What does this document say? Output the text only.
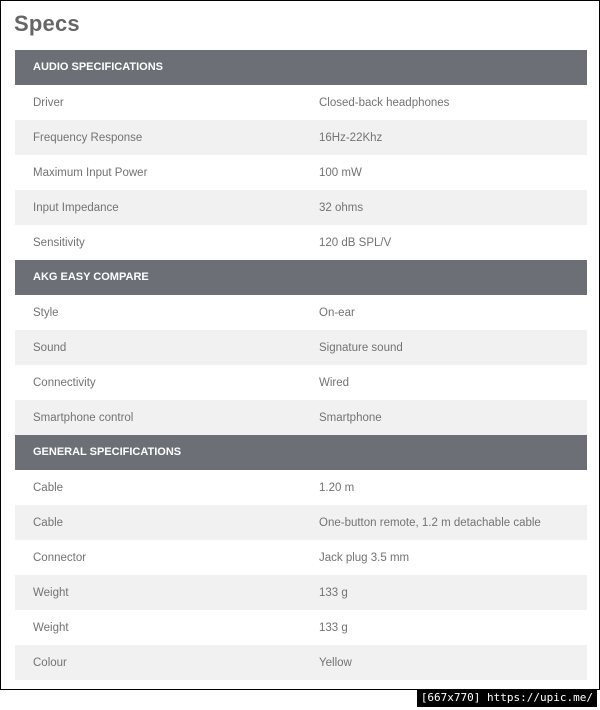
Specs
AUDIO SPECIFICATIONS
Driver	Closed-back headphones
Frequency Response	16Hz-22Khz
Maximum Input Power	100 mW
Input Impedance	32 ohms
Sensitivity	120 dB SPL/V
AKG EASY COMPARE
Style	On-ear
Sound	Signature sound
Connectivity	Wired
Smartphone control	Smartphone
GENERAL SPECIFICATIONS
Cable	1.20 m
Cable	One-button remote, 1.2 m detachable cable
Connector	Jack plug 3.5 mm
Weight	133 g
Weight	133 g
Colour	Yellow
[667x770] https://upic.me/
